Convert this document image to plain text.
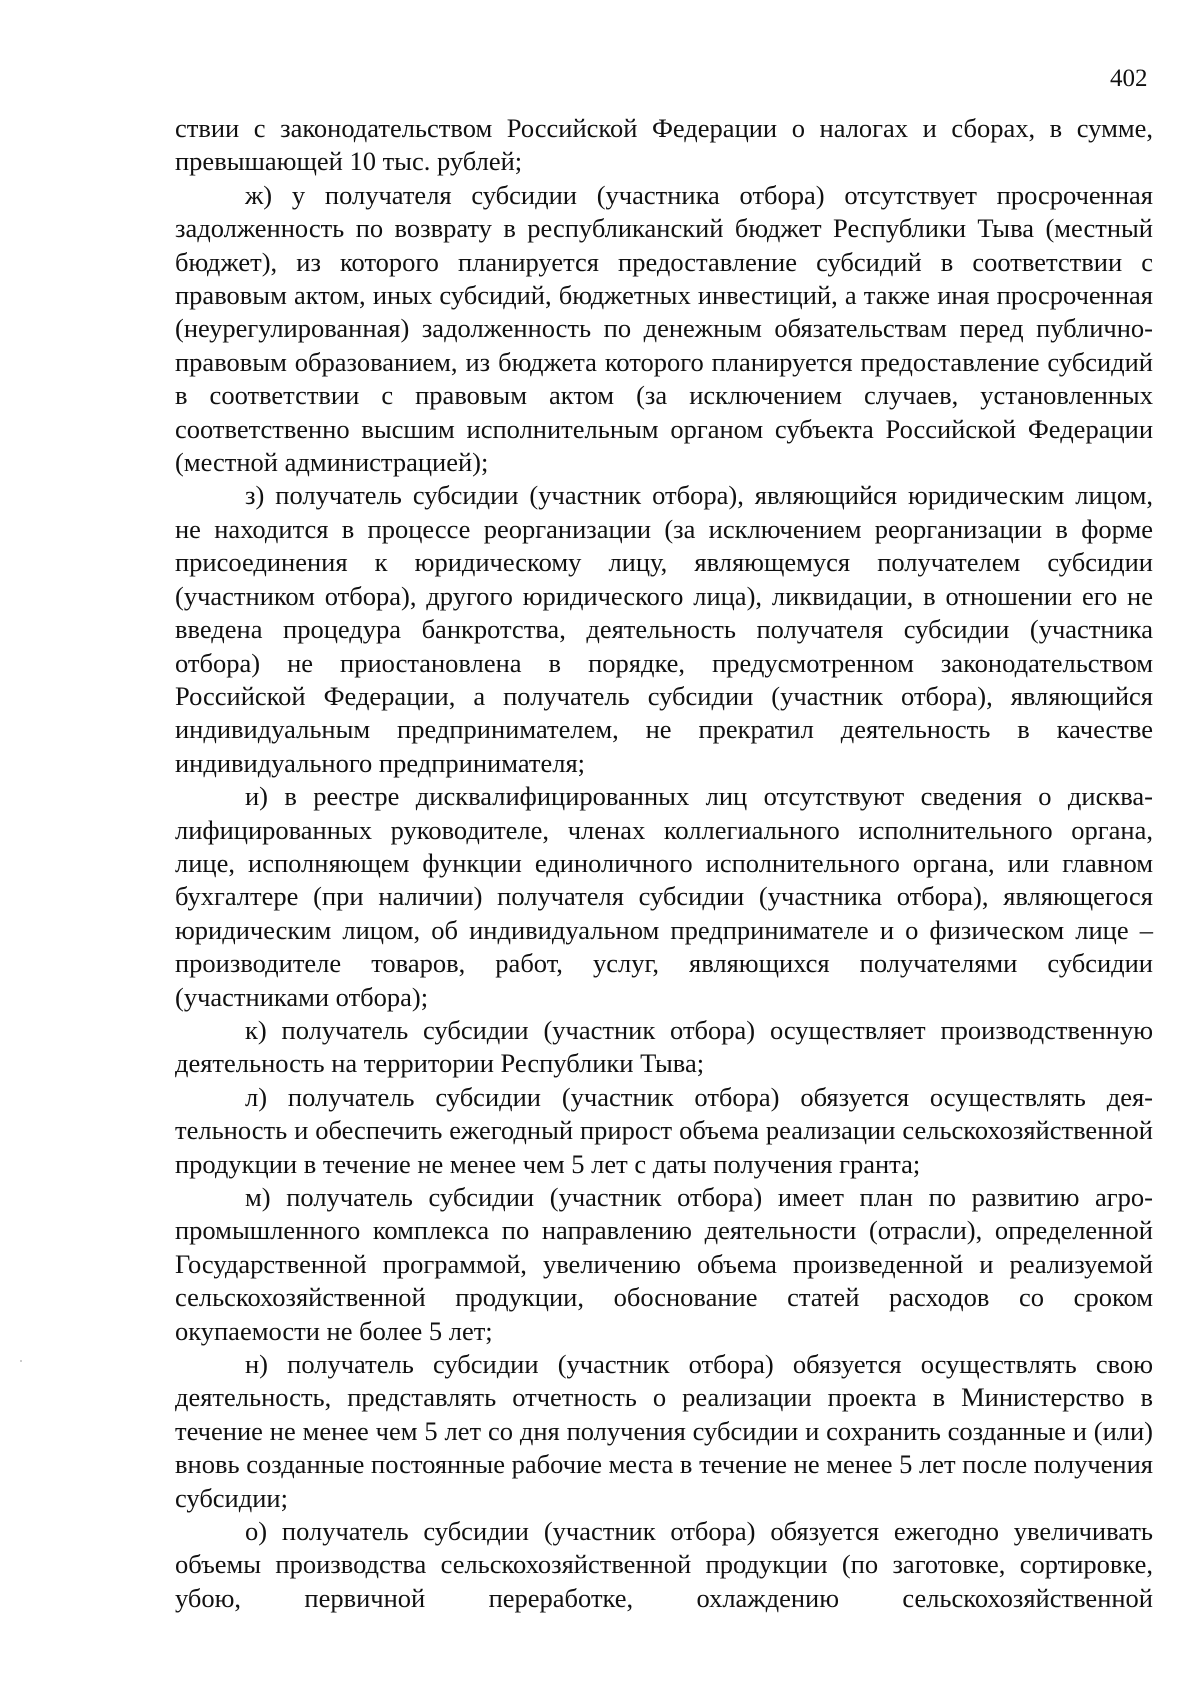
402

ствии с законодательством Российской Федерации о налогах и сборах, в сумме, превышающей 10 тыс. рублей;

ж) у получателя субсидии (участника отбора) отсутствует просроченная задолженность по возврату в республиканский бюджет Республики Тыва (местный бюджет), из которого планируется предоставление субсидий в соответствии с правовым актом, иных субсидий, бюджетных инвестиций, а также иная просроченная (неурегулированная) задолженность по денежным обязательствам перед публично-правовым образованием, из бюджета которого планируется предоставление субсидий в соответствии с правовым актом (за исключением случаев, установленных соответственно высшим исполнительным органом субъекта Российской Федерации (местной администрацией);

з) получатель субсидии (участник отбора), являющийся юридическим лицом, не находится в процессе реорганизации (за исключением реорганизации в форме присоединения к юридическому лицу, являющемуся получателем субсидии (участником отбора), другого юридического лица), ликвидации, в отношении его не введена процедура банкротства, деятельность получателя субсидии (участника отбора) не приостановлена в порядке, предусмотренном законодательством Российской Федерации, а получатель субсидии (участник отбора), являющийся индивидуальным предпринимателем, не прекратил деятельность в качестве индивидуального предпринимателя;

и) в реестре дисквалифицированных лиц отсутствуют сведения о дисквалифицированных руководителе, членах коллегиального исполнительного органа, лице, исполняющем функции единоличного исполнительного органа, или главном бухгалтере (при наличии) получателя субсидии (участника отбора), являющегося юридическим лицом, об индивидуальном предпринимателе и о физическом лице – производителе товаров, работ, услуг, являющихся получателями субсидии (участниками отбора);

к) получатель субсидии (участник отбора) осуществляет производственную деятельность на территории Республики Тыва;

л) получатель субсидии (участник отбора) обязуется осуществлять деятельность и обеспечить ежегодный прирост объема реализации сельскохозяйственной продукции в течение не менее чем 5 лет с даты получения гранта;

м) получатель субсидии (участник отбора) имеет план по развитию агропромышленного комплекса по направлению деятельности (отрасли), определенной Государственной программой, увеличению объема произведенной и реализуемой сельскохозяйственной продукции, обоснование статей расходов со сроком окупаемости не более 5 лет;

н) получатель субсидии (участник отбора) обязуется осуществлять свою деятельность, представлять отчетность о реализации проекта в Министерство в течение не менее чем 5 лет со дня получения субсидии и сохранить созданные и (или) вновь созданные постоянные рабочие места в течение не менее 5 лет после получения субсидии;

о) получатель субсидии (участник отбора) обязуется ежегодно увеличивать объемы производства сельскохозяйственной продукции (по заготовке, сортировке, убою, первичной переработке, охлаждению сельскохозяйственной
